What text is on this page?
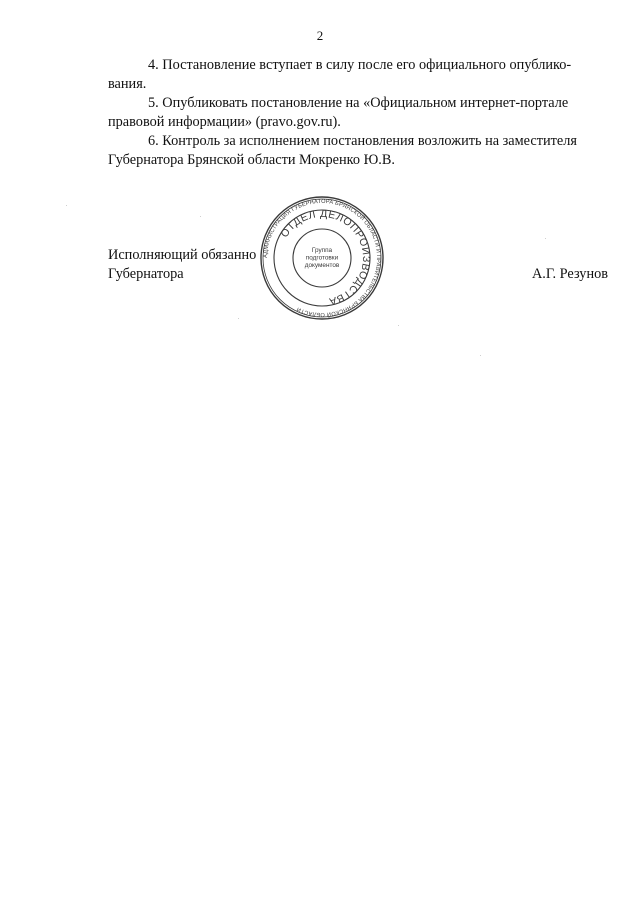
2

4. Постановление вступает в силу после его официального опублико-

вания.

5. Опубликовать постановление на «Официальном интернет-портале

правовой информации» (pravo.gov.ru).

6. Контроль за исполнением постановления возложить на заместителя

Губернатора Брянской области Мокренко Ю.В.

Исполняющий обязанно
Губернатора	А.Г. Резунов
АДМИНИСТРАЦИЯ ГУБЕРНАТОРА БРЯНСКОЙ ОБЛАСТИ И ПРАВИТЕЛЬСТВА БРЯНСКОЙ ОБЛАСТИ
ОТДЕЛ ДЕЛОПРОИЗВОДСТВА
Группа
подготовки
документов
